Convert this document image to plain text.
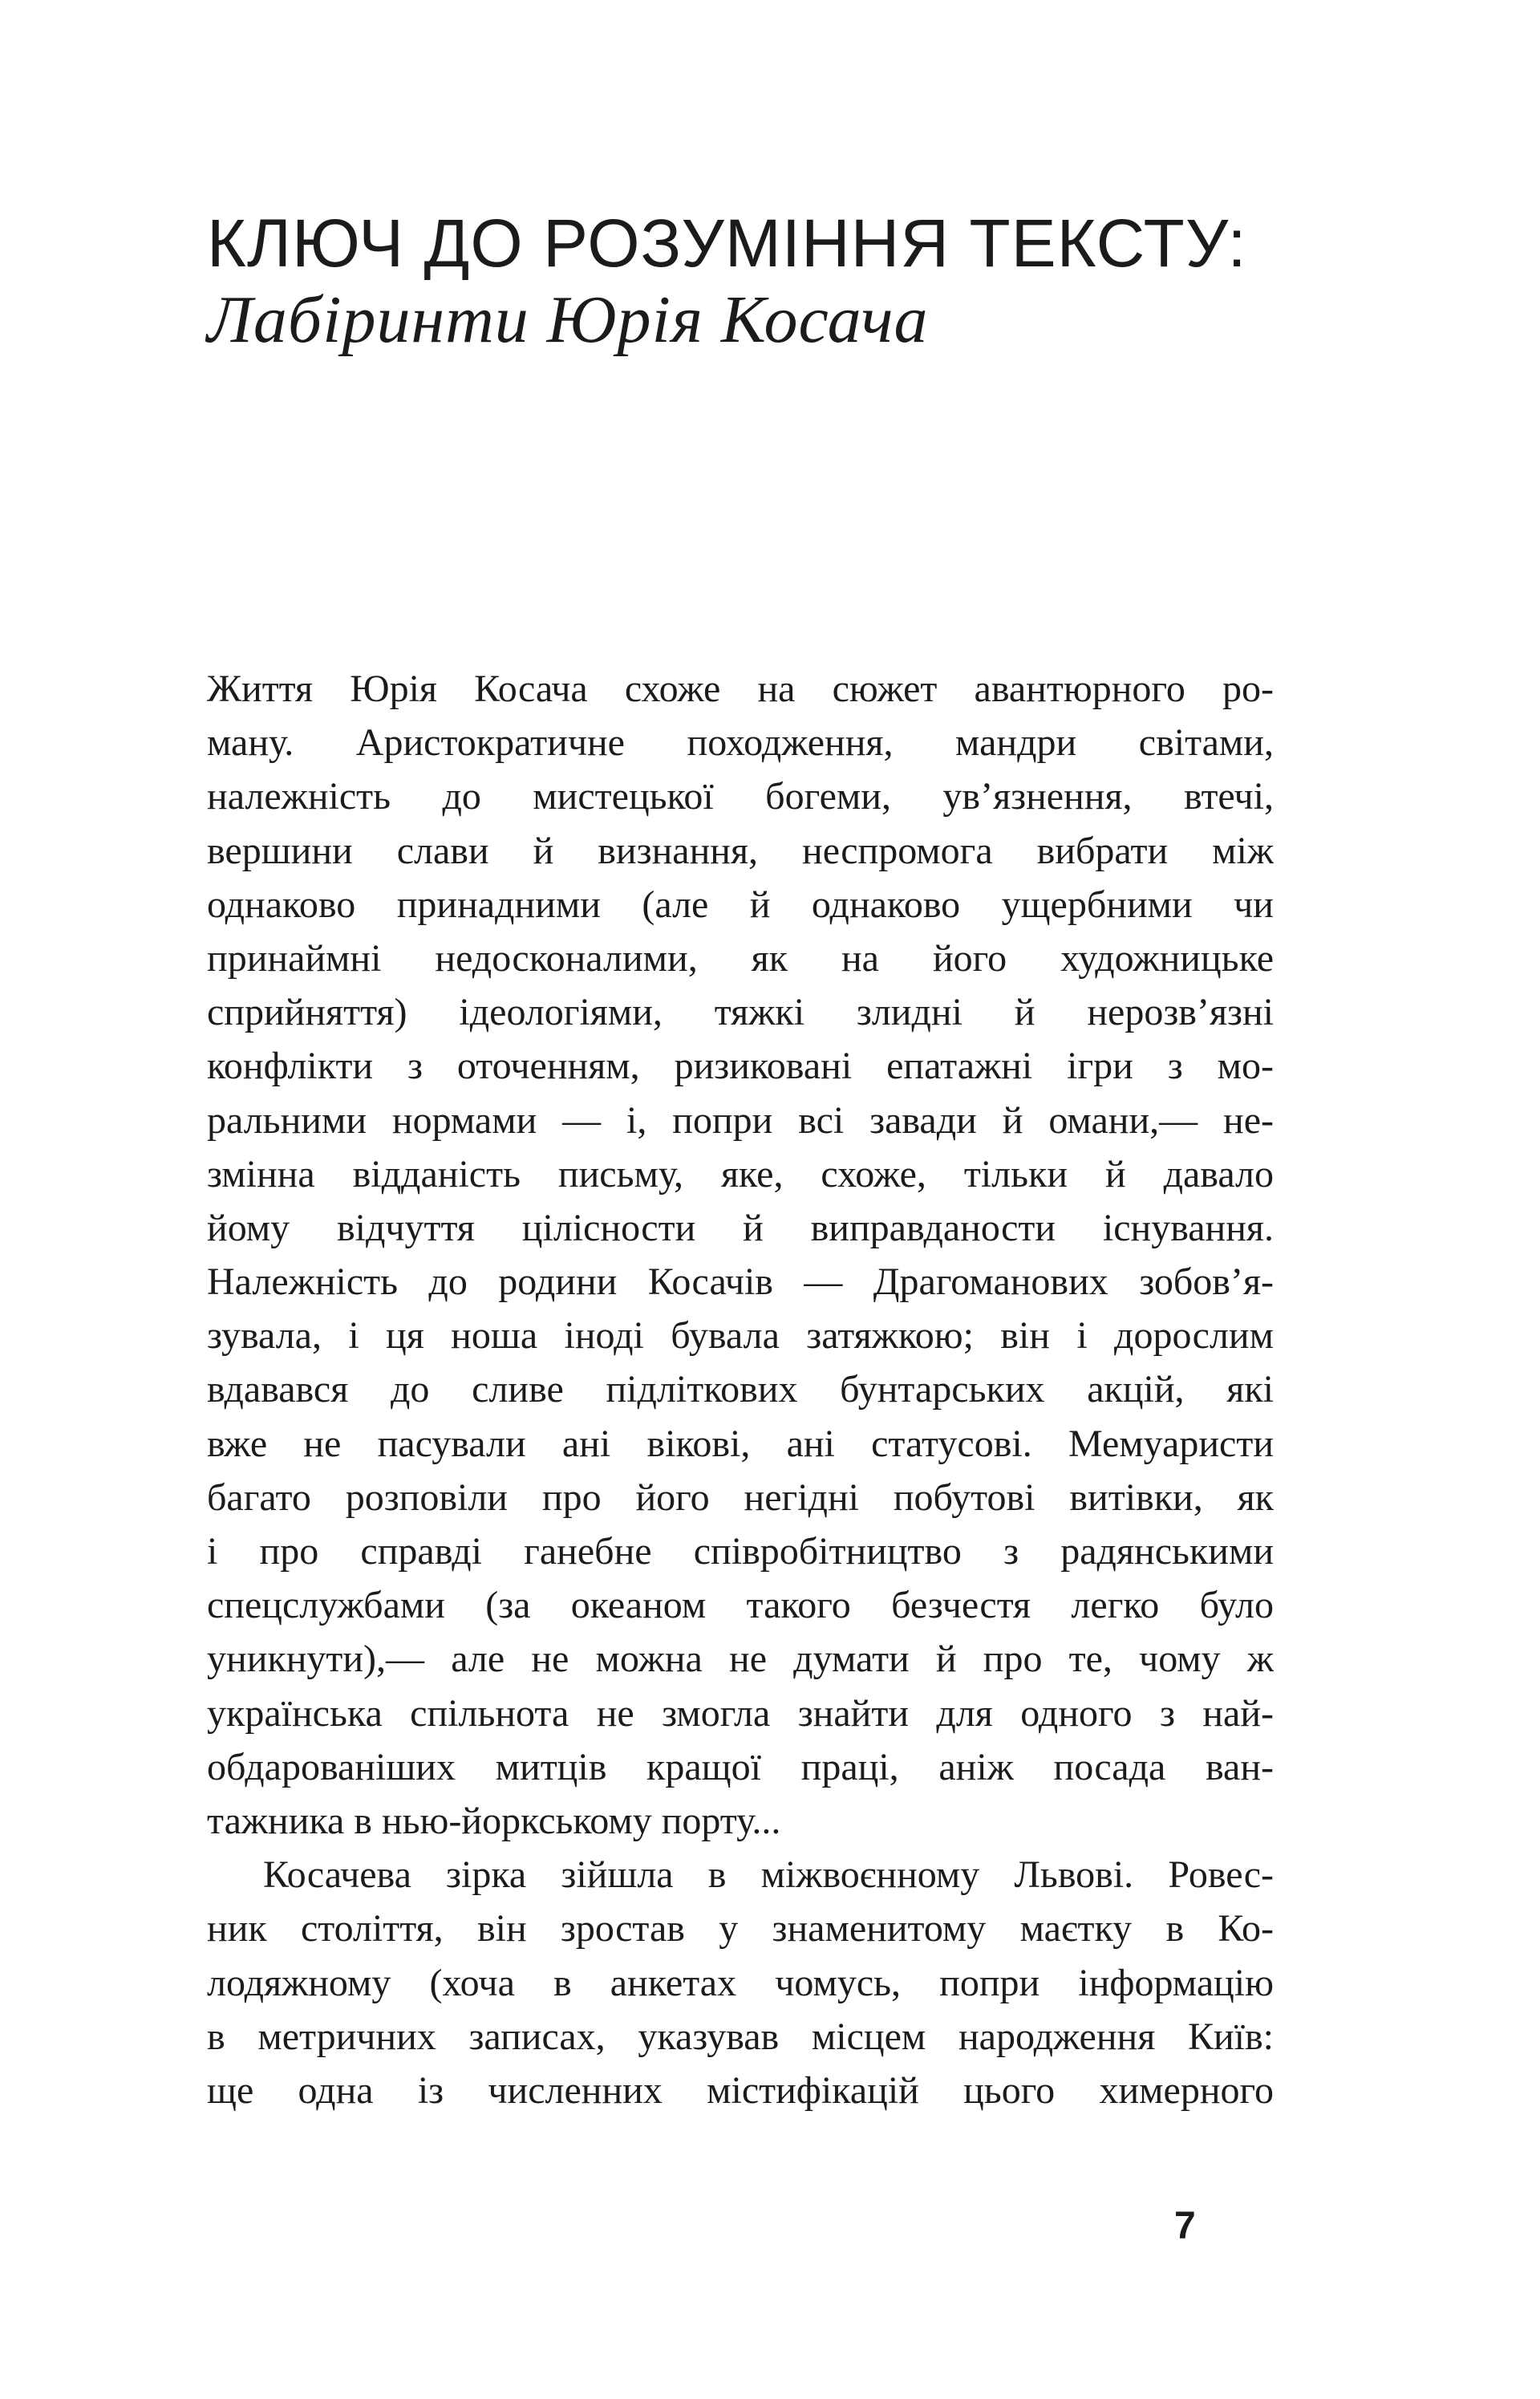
КЛЮЧ ДО РОЗУМІННЯ ТЕКСТУ:
Лабіринти Юрія Косача
Життя Юрія Косача схоже на сюжет авантюрного ро-
ману. Аристократичне походження, мандри світами,
належність до мистецької богеми, ув’язнення, втечі,
вершини слави й визнання, неспромога вибрати між
однаково принадними (але й однаково ущербними чи
принаймні недосконалими, як на його художницьке
сприйняття) ідеологіями, тяжкі злидні й нерозв’язні
конфлікти з оточенням, ризиковані епатажні ігри з мо-
ральними нормами — і, попри всі завади й омани,— не-
змінна відданість письму, яке, схоже, тільки й давало
йому відчуття цілісности й виправданости існування.
Належність до родини Косачів — Драгоманових зобов’я-
зувала, і ця ноша іноді бувала затяжкою; він і дорослим
вдавався до сливе підліткових бунтарських акцій, які
вже не пасували ані вікові, ані статусові. Мемуаристи
багато розповіли про його негідні побутові витівки, як
і про справді ганебне співробітництво з радянськими
спецслужбами (за океаном такого безчестя легко було
уникнути),— але не можна не думати й про те, чому ж
українська спільнота не змогла знайти для одного з най-
обдарованіших митців кращої праці, аніж посада ван-
тажника в нью-йоркському порту...
Косачева зірка зійшла в міжвоєнному Львові. Ровес-
ник століття, він зростав у знаменитому маєтку в Ко-
лодяжному (хоча в анкетах чомусь, попри інформацію
в метричних записах, указував місцем народження Київ:
ще одна із численних містифікацій цього химерного
7
